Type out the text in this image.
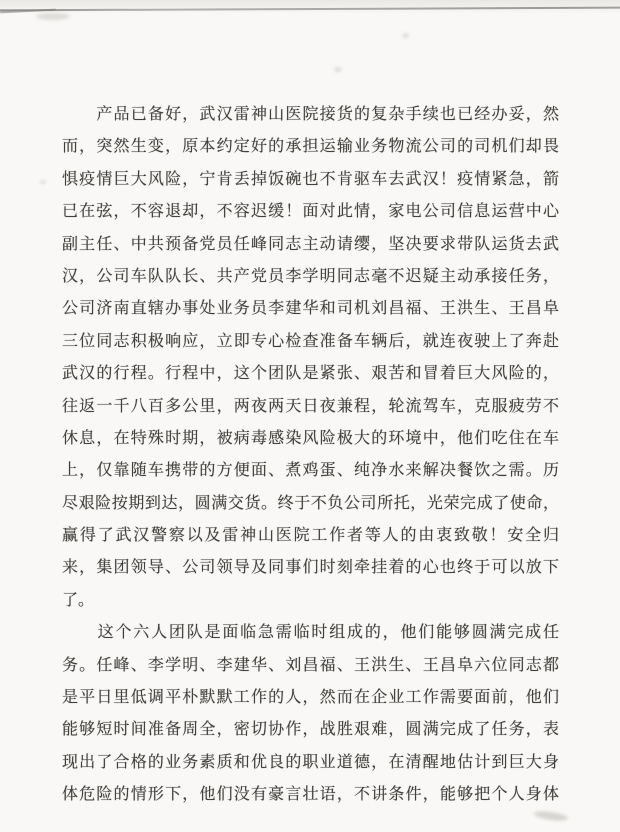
　　产品已备好，武汉雷神山医院接货的复杂手续也已经办妥，然
而，突然生变，原本约定好的承担运输业务物流公司的司机们却畏
惧疫情巨大风险，宁肯丢掉饭碗也不肯驱车去武汉！疫情紧急，箭
已在弦，不容退却，不容迟缓！面对此情，家电公司信息运营中心
副主任、中共预备党员任峰同志主动请缨，坚决要求带队运货去武
汉，公司车队队长、共产党员李学明同志毫不迟疑主动承接任务，
公司济南直辖办事处业务员李建华和司机刘昌福、王洪生、王昌阜
三位同志积极响应，立即专心检查准备车辆后，就连夜驶上了奔赴
武汉的行程。行程中，这个团队是紧张、艰苦和冒着巨大风险的，
往返一千八百多公里，两夜两天日夜兼程，轮流驾车，克服疲劳不
休息，在特殊时期，被病毒感染风险极大的环境中，他们吃住在车
上，仅靠随车携带的方便面、煮鸡蛋、纯净水来解决餐饮之需。历
尽艰险按期到达，圆满交货。终于不负公司所托，光荣完成了使命，
赢得了武汉警察以及雷神山医院工作者等人的由衷致敬！安全归
来，集团领导、公司领导及同事们时刻牵挂着的心也终于可以放下
了。
　　这个六人团队是面临急需临时组成的，他们能够圆满完成任
务。任峰、李学明、李建华、刘昌福、王洪生、王昌阜六位同志都
是平日里低调平朴默默工作的人，然而在企业工作需要面前，他们
能够短时间准备周全，密切协作，战胜艰难，圆满完成了任务，表
现出了合格的业务素质和优良的职业道德，在清醒地估计到巨大身
体危险的情形下，他们没有豪言壮语，不讲条件，能够把个人身体
